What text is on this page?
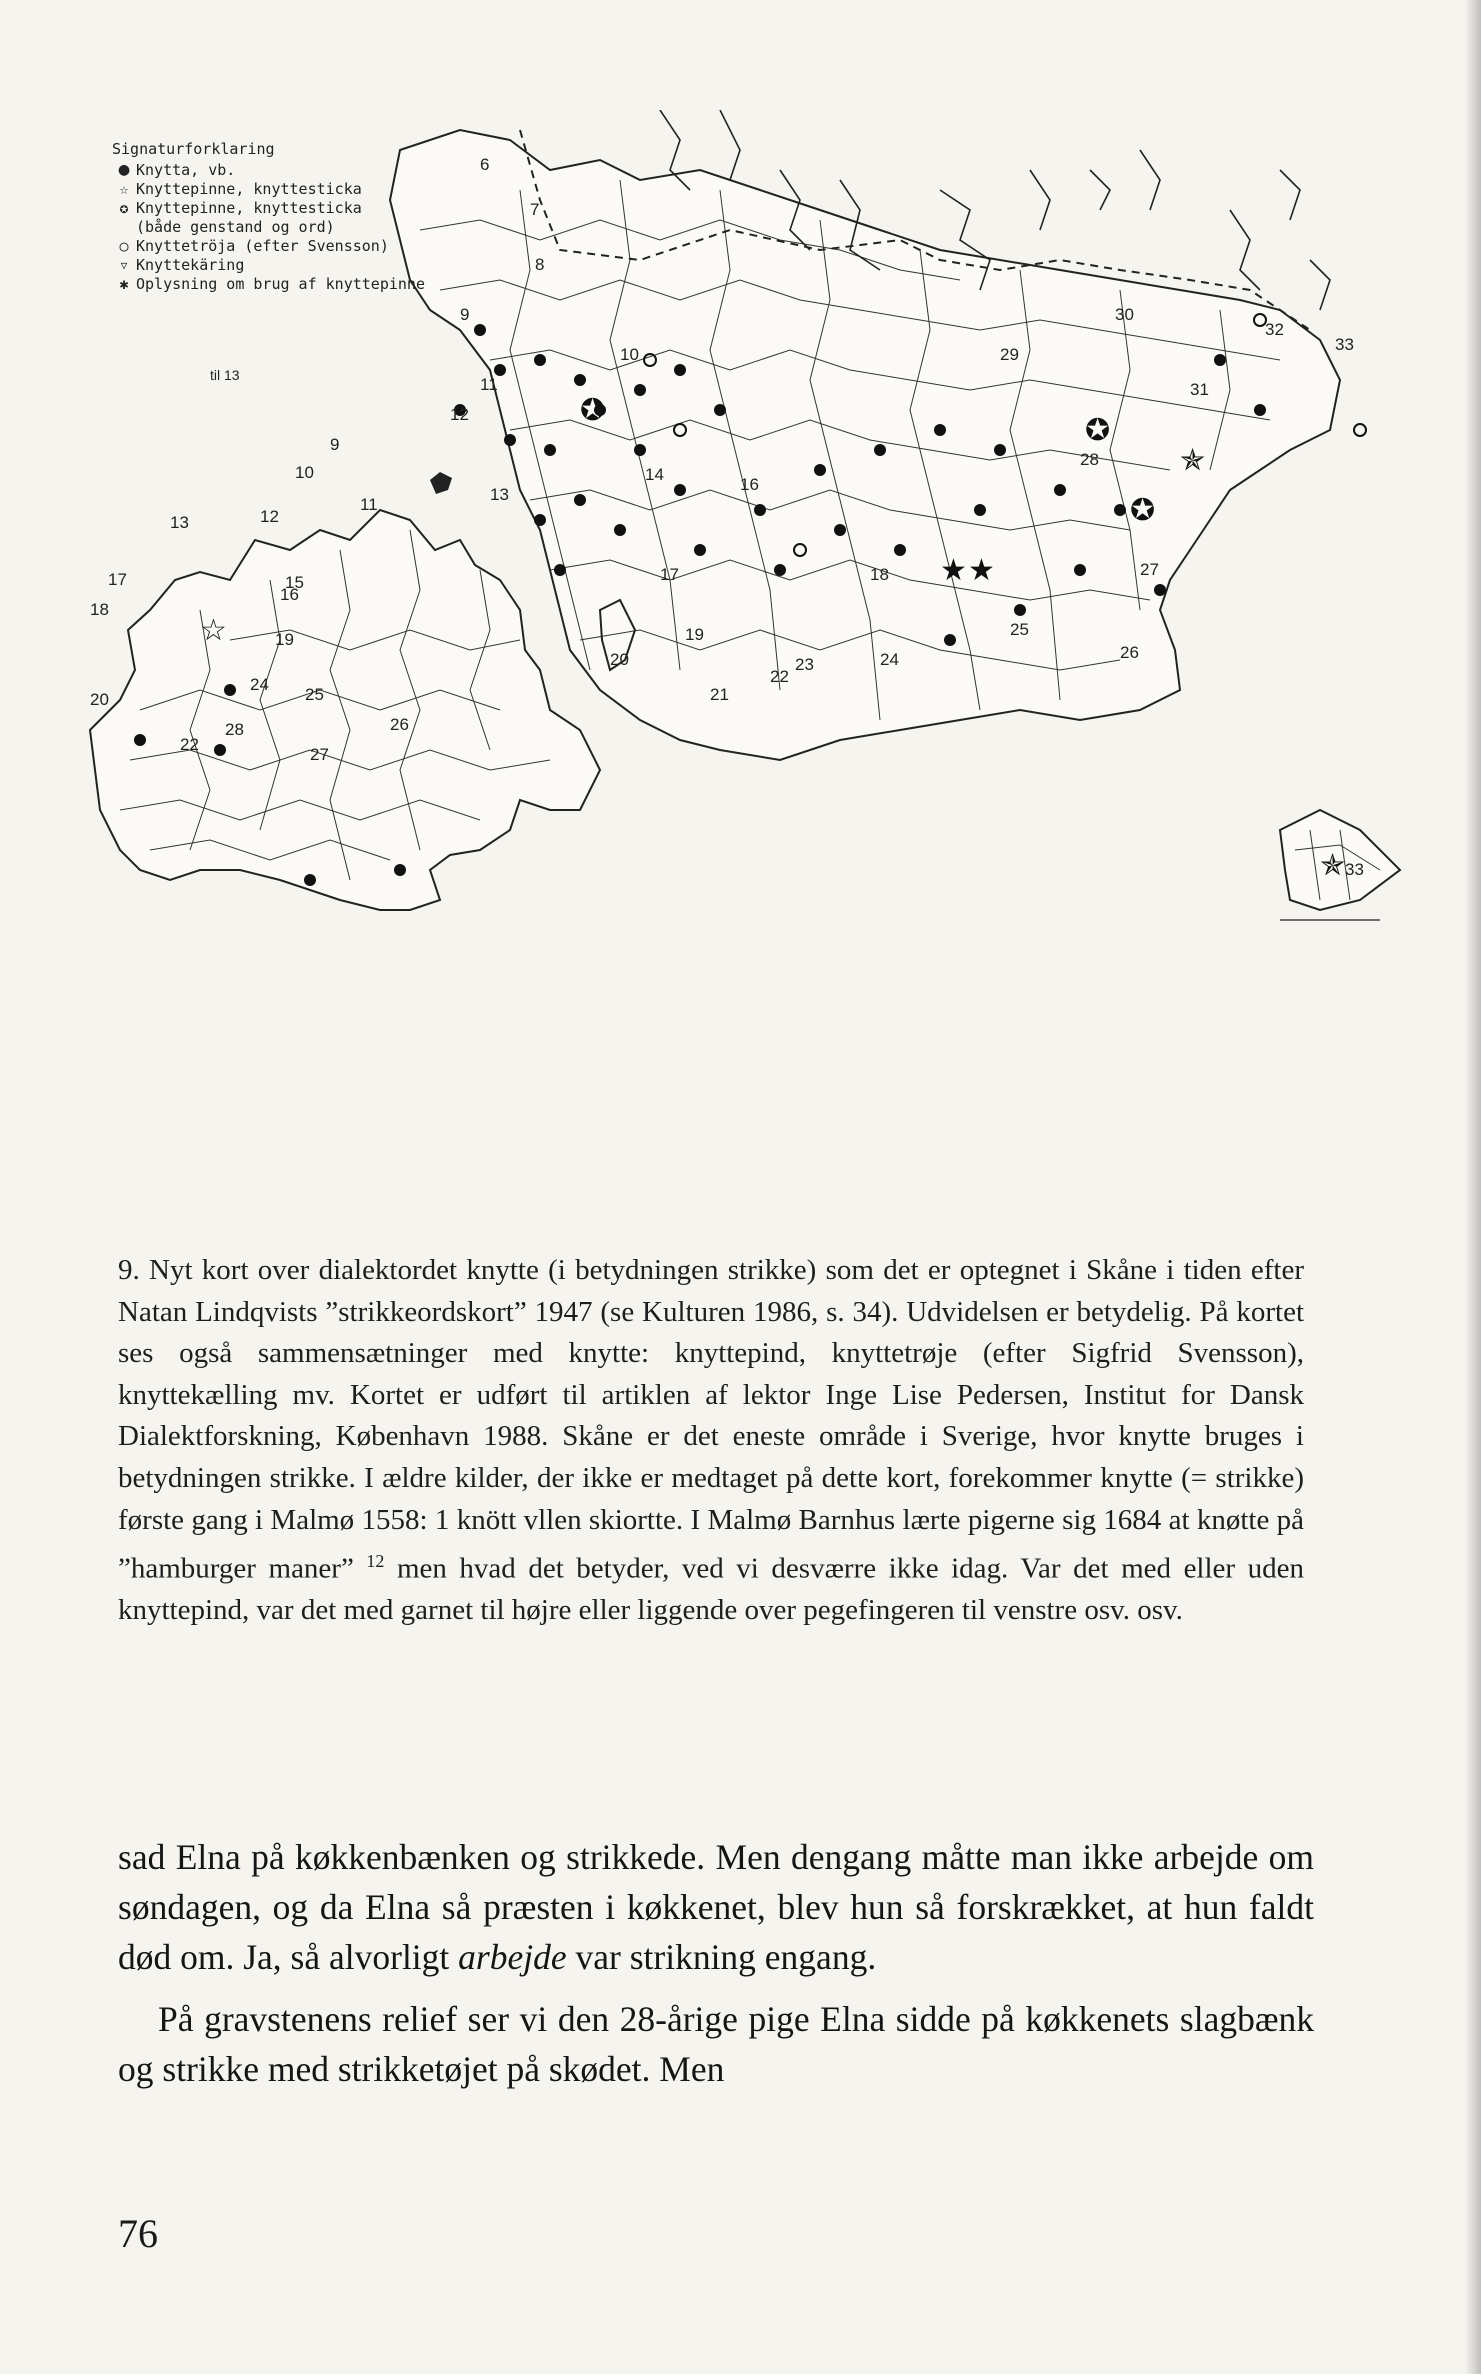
✪
✪
✪
★ ★
✯
☆
✯
6
7
8
9
10
11
12
13
14
16
17	18
19
20
21
22
23	24
25
26
27
28
29
30
31
32
33
33
9
10
11
12
13
15
16
17
18
19
20
22
24
25
26
27
28
til 13
Signaturforklaring
● Knytta, vb.
☆ Knyttepinne, knyttesticka
✪ Knyttepinne, knyttesticka
(både genstand og ord)
○ Knyttetröja (efter Svensson)
▽ Knyttekäring
✱ Oplysning om brug af knyttepinne
9. Nyt kort over dialektordet knytte (i betydningen strikke) som det er optegnet i Skåne i tiden efter Natan Lindqvists ”strikkeordskort” 1947 (se Kulturen 1986, s. 34). Udvidelsen er betydelig. På kortet ses også sammensætninger med knytte: knyttepind, knyttetrøje (efter Sigfrid Svensson), knyttekælling mv. Kortet er udført til artiklen af lektor Inge Lise Pedersen, Institut for Dansk Dialektforskning, København 1988. Skåne er det eneste område i Sverige, hvor knytte bruges i betydningen strikke. I ældre kilder, der ikke er medtaget på dette kort, forekommer knytte (= strikke) første gang i Malmø 1558: 1 knött vllen skiortte. I Malmø Barnhus lærte pigerne sig 1684 at knøtte på ”hamburger maner” $^{12}$ men hvad det betyder, ved vi desværre ikke idag. Var det med eller uden knyttepind, var det med garnet til højre eller liggende over pegefingeren til venstre osv. osv.

sad Elna på køkkenbænken og strikkede. Men dengang måtte man ikke arbejde om søndagen, og da Elna så præsten i køkkenet, blev hun så forskrækket, at hun faldt død om. Ja, så alvorligt arbejde var strikning engang.

På gravstenens relief ser vi den 28-årige pige Elna sidde på køkkenets slagbænk og strikke med strikketøjet på skødet. Men

76
